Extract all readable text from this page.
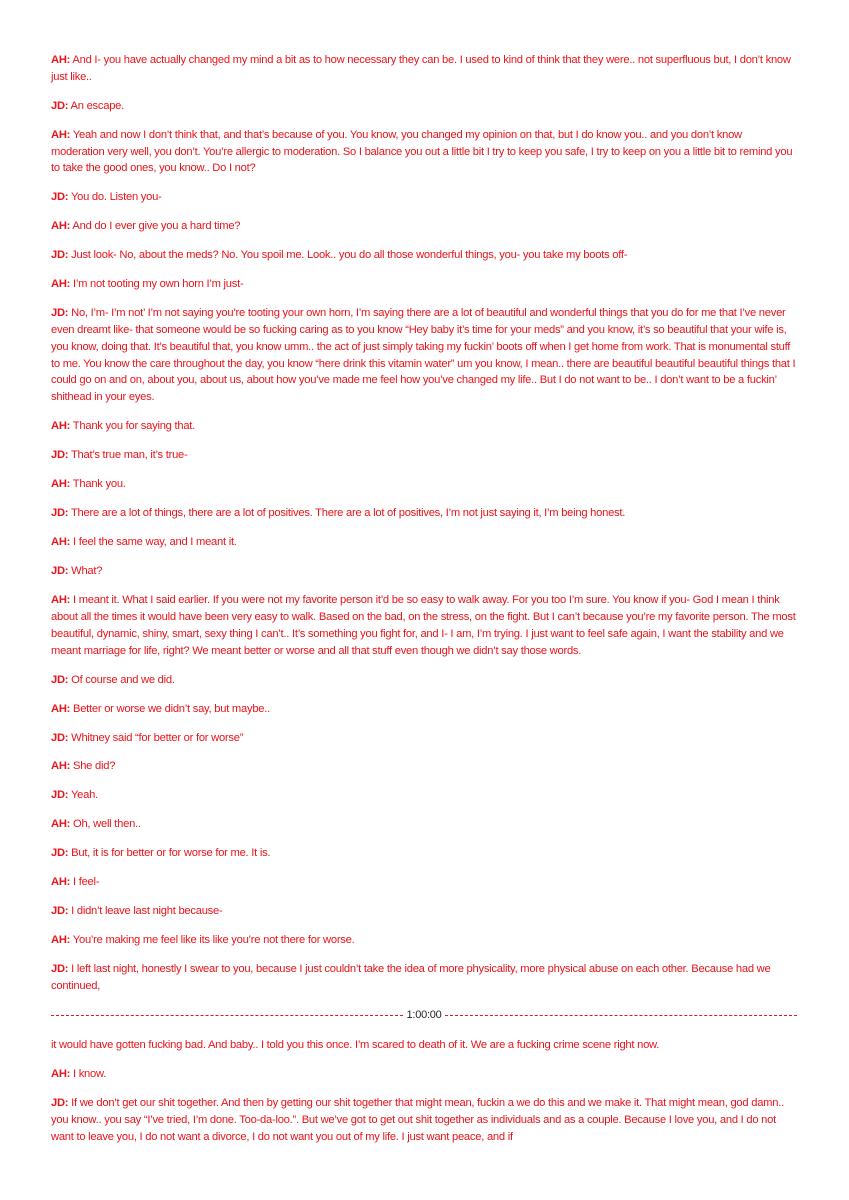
AH: And I- you have actually changed my mind a bit as to how necessary they can be. I used to kind of think that they were.. not superfluous but, I don’t know just like..

JD: An escape.

AH: Yeah and now I don’t think that, and that’s because of you. You know, you changed my opinion on that, but I do know you.. and you don’t know moderation very well, you don’t. You’re allergic to moderation. So I balance you out a little bit I try to keep you safe, I try to keep on you a little bit to remind you to take the good ones, you know.. Do I not?

JD: You do. Listen you-

AH: And do I ever give you a hard time?

JD: Just look- No, about the meds? No. You spoil me. Look.. you do all those wonderful things, you- you take my boots off-

AH: I’m not tooting my own horn I’m just-

JD: No, I’m- I’m not’ I’m not saying you’re tooting your own horn, I’m saying there are a lot of beautiful and wonderful things that you do for me that I’ve never even dreamt like- that someone would be so fucking caring as to you know “Hey baby it’s time for your meds” and you know, it’s so beautiful that your wife is, you know, doing that. It’s beautiful that, you know umm.. the act of just simply taking my fuckin’ boots off when I get home from work. That is monumental stuff to me. You know the care throughout the day, you know “here drink this vitamin water” um you know, I mean.. there are beautiful beautiful beautiful things that I could go on and on, about you, about us, about how you’ve made me feel how you’ve changed my life.. But I do not want to be.. I don’t want to be a fuckin’ shithead in your eyes.

AH: Thank you for saying that.

JD: That’s true man, it’s true-

AH: Thank you.

JD: There are a lot of things, there are a lot of positives. There are a lot of positives, I’m not just saying it, I’m being honest.

AH: I feel the same way, and I meant it.

JD: What?

AH: I meant it. What I said earlier. If you were not my favorite person it’d be so easy to walk away. For you too I’m sure. You know if you- God I mean I think about all the times it would have been very easy to walk. Based on the bad, on the stress, on the fight. But I can’t because you’re my favorite person. The most beautiful, dynamic, shiny, smart, sexy thing I can’t.. It’s something you fight for, and I- I am, I’m trying. I just want to feel safe again, I want the stability and we meant marriage for life, right? We meant better or worse and all that stuff even though we didn’t say those words.

JD: Of course and we did.

AH: Better or worse we didn’t say, but maybe..

JD: Whitney said “for better or for worse”

AH: She did?

JD: Yeah.

AH: Oh, well then..

JD: But, it is for better or for worse for me. It is.

AH: I feel-

JD: I didn’t leave last night because-

AH: You’re making me feel like its like you’re not there for worse.

JD: I left last night, honestly I swear to you, because I just couldn’t take the idea of more physicality, more physical abuse on each other. Because had we continued,

1:00:00

it would have gotten fucking bad. And baby.. I told you this once. I’m scared to death of it. We are a fucking crime scene right now.

AH: I know.

JD: If we don’t get our shit together. And then by getting our shit together that might mean, fuckin a we do this and we make it. That might mean, god damn.. you know.. you say “I’ve tried, I’m done. Too-da-loo.”. But we’ve got to get out shit together as individuals and as a couple. Because I love you, and I do not want to leave you, I do not want a divorce, I do not want you out of my life. I just want peace, and if
